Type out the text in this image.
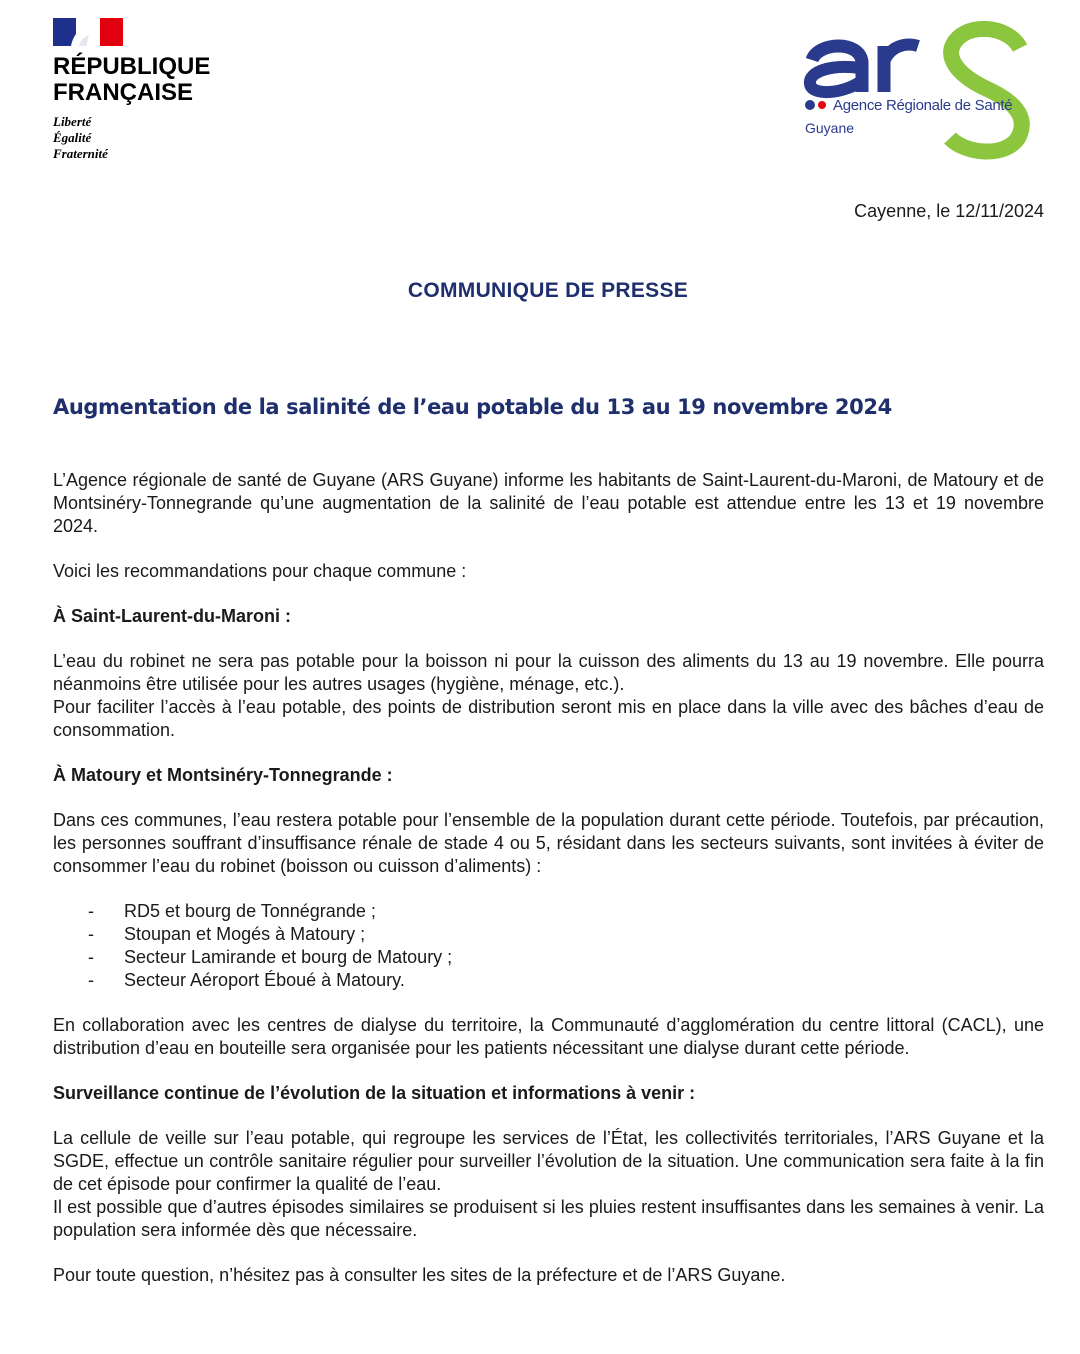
RÉPUBLIQUE
FRANÇAISE
Liberté
Égalité
Fraternité
Agence Régionale de Santé
Guyane
Cayenne, le 12/11/2024
COMMUNIQUE DE PRESSE
Augmentation de la salinité de l’eau potable du 13 au 19 novembre 2024

L’Agence régionale de santé de Guyane (ARS Guyane) informe les habitants de Saint-Laurent-du-Maroni, de Matoury et de Montsinéry-Tonnegrande qu’une augmentation de la salinité de l’eau potable est attendue entre les 13 et 19 novembre 2024.

Voici les recommandations pour chaque commune :

À Saint-Laurent-du-Maroni :

L’eau du robinet ne sera pas potable pour la boisson ni pour la cuisson des aliments du 13 au 19 novembre. Elle pourra néanmoins être utilisée pour les autres usages (hygiène, ménage, etc.).

Pour faciliter l’accès à l’eau potable, des points de distribution seront mis en place dans la ville avec des bâches d’eau de consommation.

À Matoury et Montsinéry-Tonnegrande :

Dans ces communes, l’eau restera potable pour l’ensemble de la population durant cette période. Toutefois, par précaution, les personnes souffrant d’insuffisance rénale de stade 4 ou 5, résidant dans les secteurs suivants, sont invitées à éviter de consommer l’eau du robinet (boisson ou cuisson d’aliments) :

- RD5 et bourg de Tonnégrande ;
- Stoupan et Mogés à Matoury ;
- Secteur Lamirande et bourg de Matoury ;
- Secteur Aéroport Éboué à Matoury.

En collaboration avec les centres de dialyse du territoire, la Communauté d’agglomération du centre littoral (CACL), une distribution d’eau en bouteille sera organisée pour les patients nécessitant une dialyse durant cette période.

Surveillance continue de l’évolution de la situation et informations à venir :

La cellule de veille sur l’eau potable, qui regroupe les services de l’État, les collectivités territoriales, l’ARS Guyane et la SGDE, effectue un contrôle sanitaire régulier pour surveiller l’évolution de la situation. Une communication sera faite à la fin de cet épisode pour confirmer la qualité de l’eau.

Il est possible que d’autres épisodes similaires se produisent si les pluies restent insuffisantes dans les semaines à venir. La population sera informée dès que nécessaire.

Pour toute question, n’hésitez pas à consulter les sites de la préfecture et de l’ARS Guyane.
